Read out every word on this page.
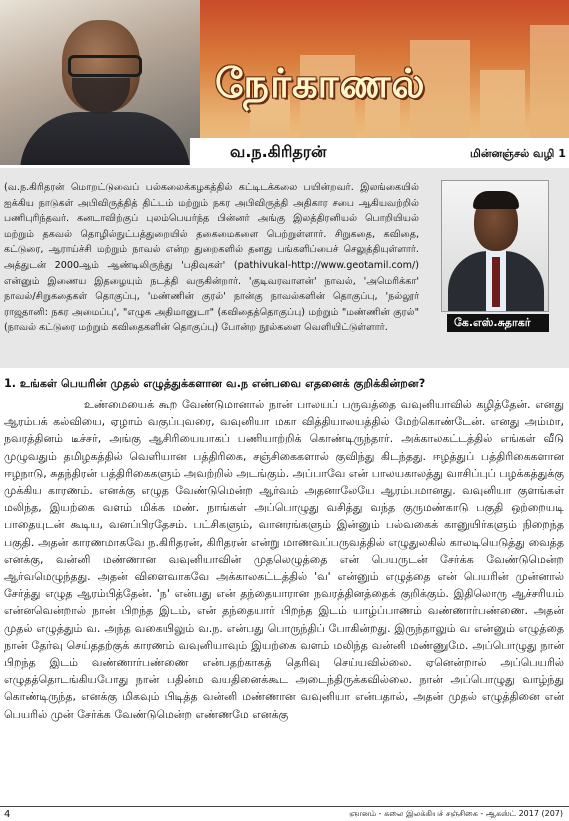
நேர்காணல்
வ.ந.கிரிதரன்	மின்னஞ்சல் வழி 1
(வ.ந.கிரிதரன் மொறட்டுவைப் பல்கலைக்கழகத்தில் கட்டிடக்கலை பயின்றவர். இலங்கையில் ஐக்கிய நாடுகள் அபிவிருத்தித் திட்டம் மற்றும் நகர அபிவிருத்தி அதிகார சபை ஆகியவற்றில் பணிபுரிந்தவர். கனடாவிற்குப் புலம்பெயர்ந்த பின்னர் அங்கு இலத்திரனியல் பொறியியல் மற்றும் தகவல் தொழில்நுட்பத்துறையில் தகைமைகளை பெற்றுள்ளார். சிறுகதை, கவிதை, கட்டுரை, ஆராய்ச்சி மற்றும் நாவல் என்ற துறைகளில் தனது பங்களிப்பைச் செலுத்தியுள்ளார். அத்துடன் 2000ஆம் ஆண்டிலிருந்து 'பதிவுகள்' (pathivukal-http://www.geotamil.com/) என்னும் இணைய இதழையும் நடத்தி வருகின்றார். 'குடிவரவாளன்' நாவல், 'அமெரிக்கா' நாவல்/சிறுகதைகள் தொகுப்பு, 'மண்ணின் குரல்' நான்கு நாவல்களின் தொகுப்பு, 'நல்லூர் ராஜதானி: நகர அமைப்பு', "எழுக அதிமானுடா" (கவிதைத்தொகுப்பு) மற்றும் "மண்ணின் குரல்" (நாவல் கட்டுரை மற்றும் கவிதைகளின் தொகுப்பு) போன்ற நூல்களை வெளியிட்டுள்ளார்.	கே.எஸ்.சுதாகர்
1. உங்கள் பெயரின் முதல் எழுத்துக்களான வ.ந என்பவை எதனைக் குறிக்கின்றன?

உண்மையைக் கூற வேண்டுமானால் நான் பாலயப் பருவத்தை வவுனியாவில் கழித்தேன். எனது ஆரம்பக் கல்வியை, ஏழாம் வகுப்புவரை, வவுனியா மகா வித்தியாலயத்தில் மேற்கொண்டேன். எனது அம்மா, நவரத்தினம் டீச்சர், அங்கு ஆசிரியையாகப் பணியாற்றிக் கொண்டிருந்தார். அக்காலகட்டத்தில் எங்கள் வீடு முழுவதும் தமிழகத்தில் வெளியான பத்திரிகை, சஞ்சிகைகளால் குவிந்து கிடந்தது. ஈழத்துப் பத்திரிகைகளான ஈழநாடு, சுதந்திரன் பத்திரிகைகளும் அவற்றில் அடங்கும். அப்பாவே என் பாலயகாலத்து வாசிப்புப் பழக்கத்துக்கு முக்கிய காரணம். எனக்கு எழுத வேண்டுமென்ற ஆர்வம் அதனாலேயே ஆரம்பமானது. வவுனியா குளங்கள் மலிந்த, இயற்கை வளம் மிக்க மண். நாங்கள் அப்பொழுது வசித்து வந்த குருமண்காடு பகுதி ஒற்றையடி பாதையுடன் கூடிய, வனப்பிரதேசம். பட்சிகளும், வானரங்களும் இன்னும் பல்வகைக் கானுயிர்களும் நிறைந்த பகுதி. அதன் காரணமாகவே ந.கிரிதரன், கிரிதரன் என்று மாணவப்பருவத்தில் எழுதுலகில் காலடியெடுத்து வைத்த எனக்கு, வன்னி மண்ணான வவுனியாவின் முதலெழுத்தை என் பெயருடன் சேர்க்க வேண்டுமென்ற ஆர்வமெழுந்தது. அதன் விளைவாகவே அக்காலகட்டத்தில் 'வ' என்னும் எழுத்தை என் பெயரின் முன்னால் சேர்த்து எழுத ஆரம்பித்தேன். 'ந' என்பது என் தந்தையாரான நவரத்தினத்தைக் குறிக்கும். இதிலொரு ஆச்சரியம் என்னவென்றால் நான் பிறந்த இடம், என் தந்தையார் பிறந்த இடம் யாழ்ப்பாணம் வண்ணார்பண்ணை. அதன் முதல் எழுத்தும் வ. அந்த வகையிலும் வ.ந. என்பது பொருந்திப் போகின்றது. இருந்தாலும் வ என்னும் எழுத்தை நான் தேர்வு செய்ததற்குக் காரணம் வவுனியாவும் இயற்கை வளம் மலிந்த வன்னி மண்ணுமே. அப்பொழுது நான் பிறந்த இடம் வண்ணார்பண்ணை என்பதற்காகத் தெரிவு செய்யவில்லை. ஏனென்றால் அப்பெயரில் எழுதத்தொடங்கியபோது நான் பதின்ம வயதினைக்கூட அடைந்திருக்கவில்லை. நான் அப்பொழுது வாழ்ந்து கொண்டிருந்த, எனக்கு மிகவும் பிடித்த வன்னி மண்ணான வவுனியா என்பதால், அதன் முதல் எழுத்தினை என் பெயரில் முன் சேர்க்க வேண்டுமென்ற எண்ணமே எனக்கு

4	ஞானம் - கலை இலக்கியச் சஞ்சிகை - ஆகஸ்ட் 2017 (207)
